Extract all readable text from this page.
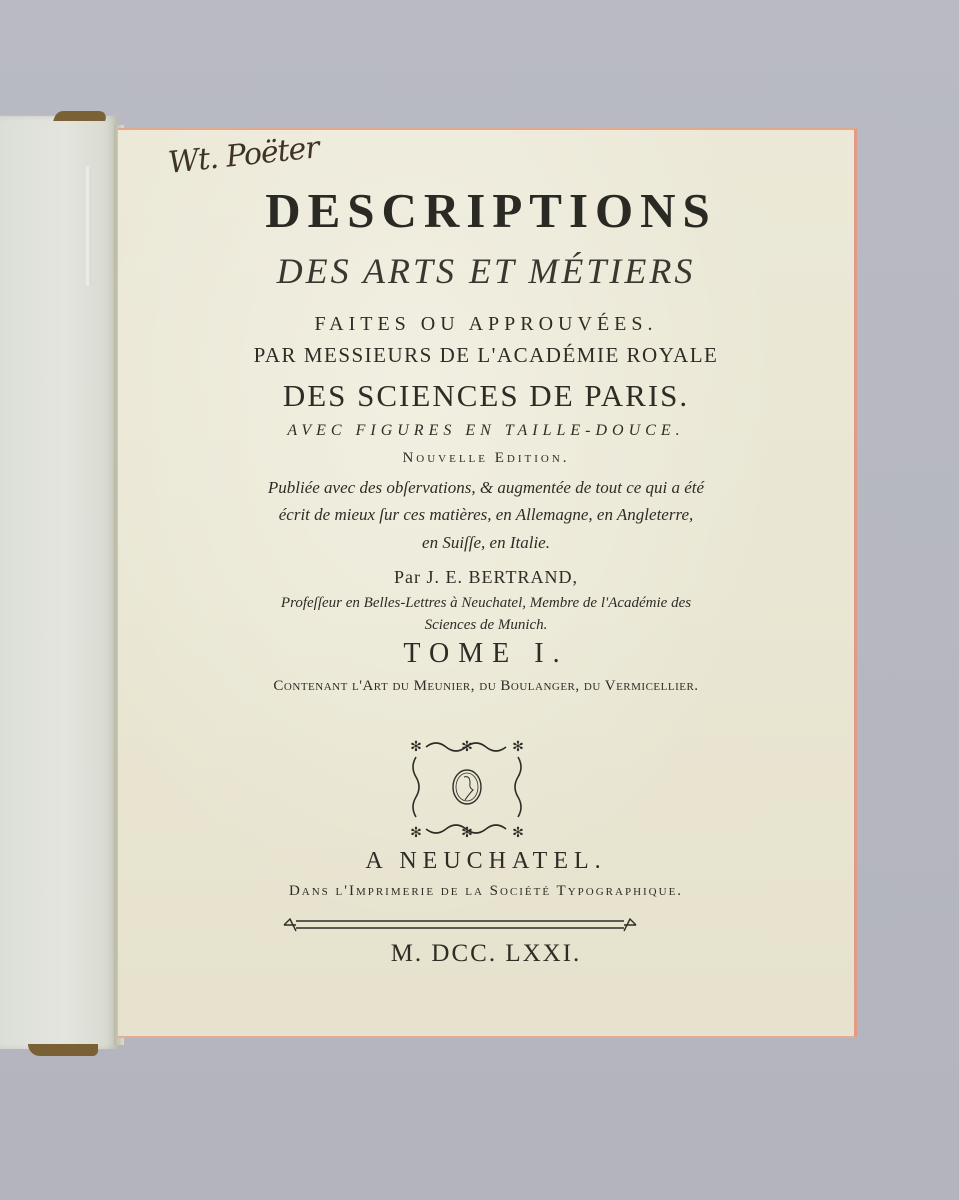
Wt. Poëter
DESCRIPTIONS
DES ARTS ET MÉTIERS
FAITES OU APPROUVÉES.
PAR MESSIEURS DE L'ACADÉMIE ROYALE
DES SCIENCES DE PARIS.
AVEC FIGURES EN TAILLE-DOUCE.
Nouvelle Edition.
Publiée avec des obſervations, & augmentée de tout ce qui a été
écrit de mieux ſur ces matières, en Allemagne, en Angleterre,
en Suiſſe, en Italie.
Par J. E. BERTRAND,
Profeſſeur en Belles-Lettres à Neuchatel, Membre de l'Académie des
Sciences de Munich.
TOME I.
Contenant l'Art du Meunier, du Boulanger, du Vermicellier.
✻	✻	✻
✻	✻	✻
A NEUCHATEL.
Dans l'Imprimerie de la Société Typographique.
M. DCC. LXXI.
